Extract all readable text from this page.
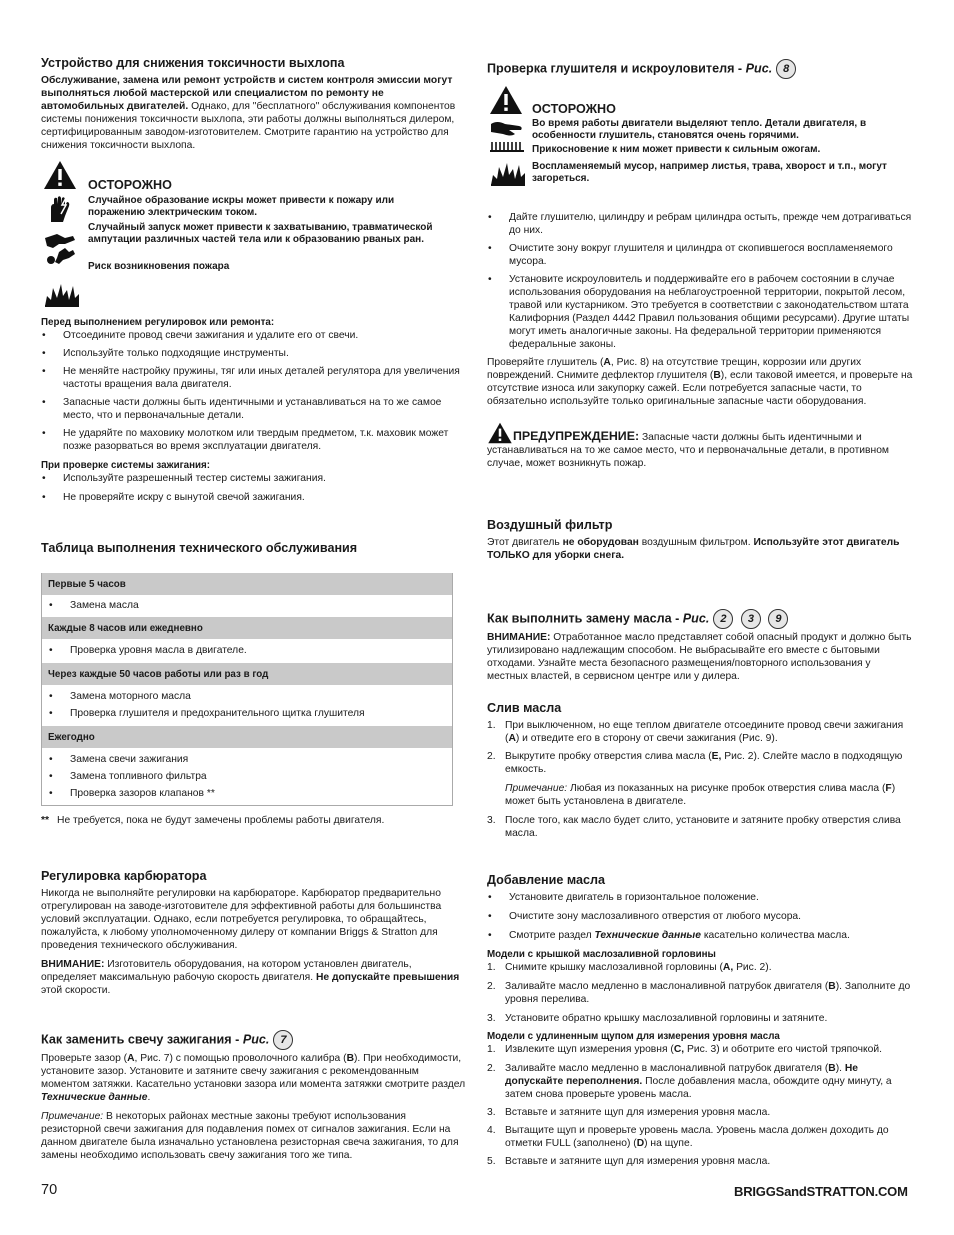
Устройство для снижения токсичности выхлопа

Обслуживание, замена или ремонт устройств и систем контроля эмиссии могут выполняться любой мастерской или специалистом по ремонту не автомобильных двигателей. Однако, для "бесплатного" обслуживания компонентов системы понижения токсичности выхлопа, эти работы должны выполняться дилером, сертифицированным заводом-изготовителем. Смотрите гарантию на устройство для снижения токсичности выхлопа.

ОСТОРОЖНО
Случайное образование искры может привести к пожару или поражению электрическим током.
Случайный запуск может привести к захватыванию, травматической ампутации различных частей тела или к образованию рваных ран.
Риск возникновения пожара

Перед выполнением регулировок или ремонта:

• Отсоедините провод свечи зажигания и удалите его от свечи.
• Используйте только подходящие инструменты.
• Не меняйте настройку пружины, тяг или иных деталей регулятора для увеличения частоты вращения вала двигателя.
• Запасные части должны быть идентичными и устанавливаться на то же самое место, что и первоначальные детали.
• Не ударяйте по маховику молотком или твердым предметом, т.к. маховик может позже разорваться во время эксплуатации двигателя.

При проверке системы зажигания:

• Используйте разрешенный тестер системы зажигания.
• Не проверяйте искру с вынутой свечой зажигания.
Таблица выполнения технического обслуживания
Первые 5 часов

• Замена масла

Каждые 8 часов или ежедневно

• Проверка уровня масла в двигателе.

Через каждые 50 часов работы или раз в год

• Замена моторного масла
• Проверка глушителя и предохранительного щитка глушителя

Ежегодно

• Замена свечи зажигания
• Замена топливного фильтра
• Проверка зазоров клапанов **

** Не требуется, пока не будут замечены проблемы работы двигателя.

Регулировка карбюратора

Никогда не выполняйте регулировки на карбюраторе. Карбюратор предварительно отрегулирован на заводе-изготовителе для эффективной работы для большинства условий эксплуатации. Однако, если потребуется регулировка, то обращайтесь, пожалуйста, к любому уполномоченному дилеру от компании Briggs & Stratton для проведения технического обслуживания.

ВНИМАНИЕ: Изготовитель оборудования, на котором установлен двигатель, определяет максимальную рабочую скорость двигателя. Не допускайте превышения этой скорости.

Как заменить свечу зажигания - Рис. 7

Проверьте зазор (A, Рис. 7) с помощью проволочного калибра (B). При необходимости, установите зазор. Установите и затяните свечу зажигания с рекомендованным моментом затяжки. Касательно установки зазора или момента затяжки смотрите раздел Технические данные.

Примечание: В некоторых районах местные законы требуют использования резисторной свечи зажигания для подавления помех от сигналов зажигания. Если на данном двигателе была изначально установлена резисторная свеча зажигания, то для замены необходимо использовать свечу зажигания того же типа.

Проверка глушителя и искроуловителя - Рис. 8
ОСТОРОЖНО
Во время работы двигатели выделяют тепло. Детали двигателя, в особенности глушитель, становятся очень горячими.
Прикосновение к ним может привести к сильным ожогам.
Воспламеняемый мусор, например листья, трава, хворост и т.п., могут загореться.
• Дайте глушителю, цилиндру и ребрам цилиндра остыть, прежде чем дотрагиваться до них.
• Очистите зону вокруг глушителя и цилиндра от скопившегося воспламеняемого мусора.
• Установите искроуловитель и поддерживайте его в рабочем состоянии в случае использования оборудования на неблагоустроенной территории, покрытой лесом, травой или кустарником. Это требуется в соответствии с законодательством штата Калифорния (Раздел 4442 Правил пользования общими ресурсами). Другие штаты могут иметь аналогичные законы. На федеральной территории применяются федеральные законы.

Проверяйте глушитель (A, Рис. 8) на отсутствие трещин, коррозии или других повреждений. Снимите дефлектор глушителя (B), если таковой имеется, и проверьте на отсутствие износа или закупорку сажей. Если потребуется запасные части, то обязательно используйте только оригинальные запасные части оборудования.

ПРЕДУПРЕЖДЕНИЕ: Запасные части должны быть идентичными и устанавливаться на то же самое место, что и первоначальные детали, в противном случае, может возникнуть пожар.

Воздушный фильтр

Этот двигатель не оборудован воздушным фильтром. Используйте этот двигатель ТОЛЬКО для уборки снега.

Как выполнить замену масла - Рис. 2 3 9

ВНИМАНИЕ: Отработанное масло представляет собой опасный продукт и должно быть утилизировано надлежащим способом. Не выбрасывайте его вместе с бытовыми отходами. Узнайте места безопасного размещения/повторного использования у местных властей, в сервисном центре или у дилера.

Слив масла
1. При выключенном, но еще теплом двигателе отсоедините провод свечи зажигания (A) и отведите его в сторону от свечи зажигания (Рис. 9).
2. Выкрутите пробку отверстия слива масла (E, Рис. 2). Слейте масло в подходящую емкость.

Примечание: Любая из показанных на рисунке пробок отверстия слива масла (F) может быть установлена в двигателе.

3. После того, как масло будет слито, установите и затяните пробку отверстия слива масла.
Добавление масла
• Установите двигатель в горизонтальное положение.
• Очистите зону маслозаливного отверстия от любого мусора.
• Смотрите раздел Технические данные касательно количества масла.

Модели с крышкой маслозаливной горловины

1. Снимите крышку маслозаливной горловины (A, Рис. 2).
2. Заливайте масло медленно в маслоналивной патрубок двигателя (B). Заполните до уровня перелива.
3. Установите обратно крышку маслозаливной горловины и затяните.

Модели с удлиненным щупом для измерения уровня масла

1. Извлеките щуп измерения уровня (C, Рис. 3) и оботрите его чистой тряпочкой.
2. Заливайте масло медленно в маслоналивной патрубок двигателя (B). Не допускайте переполнения. После добавления масла, обождите одну минуту, а затем снова проверьте уровень масла.
3. Вставьте и затяните щуп для измерения уровня масла.
4. Вытащите щуп и проверьте уровень масла. Уровень масла должен доходить до отметки FULL (заполнено) (D) на щупе.
5. Вставьте и затяните щуп для измерения уровня масла.
70	BRIGGSandSTRATTON.COM
